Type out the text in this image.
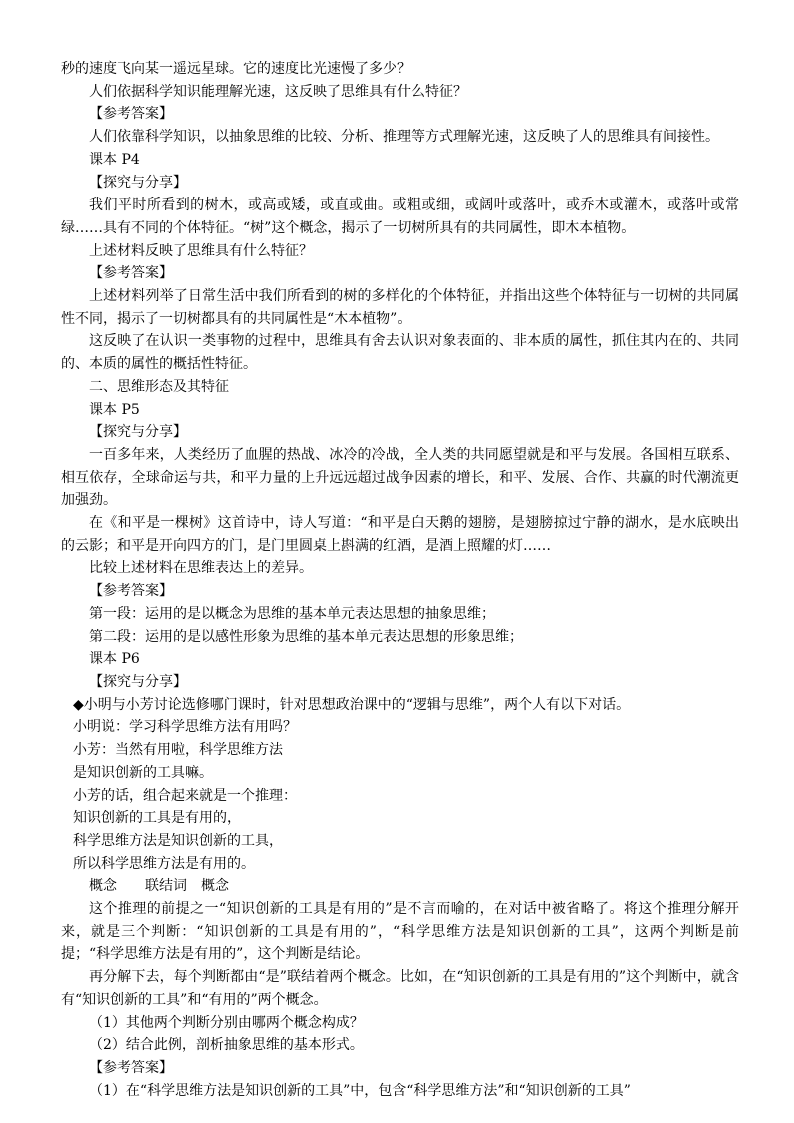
秒的速度飞向某一遥远星球。它的速度比光速慢了多少？

人们依据科学知识能理解光速，这反映了思维具有什么特征？

【参考答案】

人们依靠科学知识，以抽象思维的比较、分析、推理等方式理解光速，这反映了人的思维具有间接性。

课本 P4

【探究与分享】

我们平时所看到的树木，或高或矮，或直或曲。或粗或细，或阔叶或落叶，或乔木或灌木，或落叶或常绿……具有不同的个体特征。“树”这个概念，揭示了一切树所具有的共同属性，即木本植物。

上述材料反映了思维具有什么特征？

【参考答案】

上述材料列举了日常生活中我们所看到的树的多样化的个体特征，并指出这些个体特征与一切树的共同属性不同，揭示了一切树都具有的共同属性是“木本植物”。

这反映了在认识一类事物的过程中，思维具有舍去认识对象表面的、非本质的属性，抓住其内在的、共同的、本质的属性的概括性特征。

二、思维形态及其特征

课本 P5

【探究与分享】

一百多年来，人类经历了血腥的热战、冰冷的冷战，全人类的共同愿望就是和平与发展。各国相互联系、相互依存，全球命运与共，和平力量的上升远远超过战争因素的增长，和平、发展、合作、共赢的时代潮流更加强劲。

在《和平是一棵树》这首诗中，诗人写道：“和平是白天鹅的翅膀，是翅膀掠过宁静的湖水，是水底映出的云影；和平是开向四方的门，是门里圆桌上斟满的红酒，是酒上照耀的灯……

比较上述材料在思维表达上的差异。

【参考答案】

第一段：运用的是以概念为思维的基本单元表达思想的抽象思维；

第二段：运用的是以感性形象为思维的基本单元表达思想的形象思维；

课本 P6

【探究与分享】

◆小明与小芳讨论选修哪门课时，针对思想政治课中的“逻辑与思维”，两个人有以下对话。

小明说：学习科学思维方法有用吗？

小芳：当然有用啦，科学思维方法

是知识创新的工具嘛。

小芳的话，组合起来就是一个推理：

知识创新的工具是有用的，

科学思维方法是知识创新的工具，

所以科学思维方法是有用的。

概念　　联结词　概念

这个推理的前提之一“知识创新的工具是有用的”是不言而喻的，在对话中被省略了。将这个推理分解开来，就是三个判断：“知识创新的工具是有用的”，“科学思维方法是知识创新的工具”，这两个判断是前提；“科学思维方法是有用的”，这个判断是结论。

再分解下去，每个判断都由“是”联结着两个概念。比如，在“知识创新的工具是有用的”这个判断中，就含有“知识创新的工具”和“有用的”两个概念。

（1）其他两个判断分别由哪两个概念构成？

（2）结合此例，剖析抽象思维的基本形式。

【参考答案】

（1）在“科学思维方法是知识创新的工具”中，包含“科学思维方法”和“知识创新的工具”
